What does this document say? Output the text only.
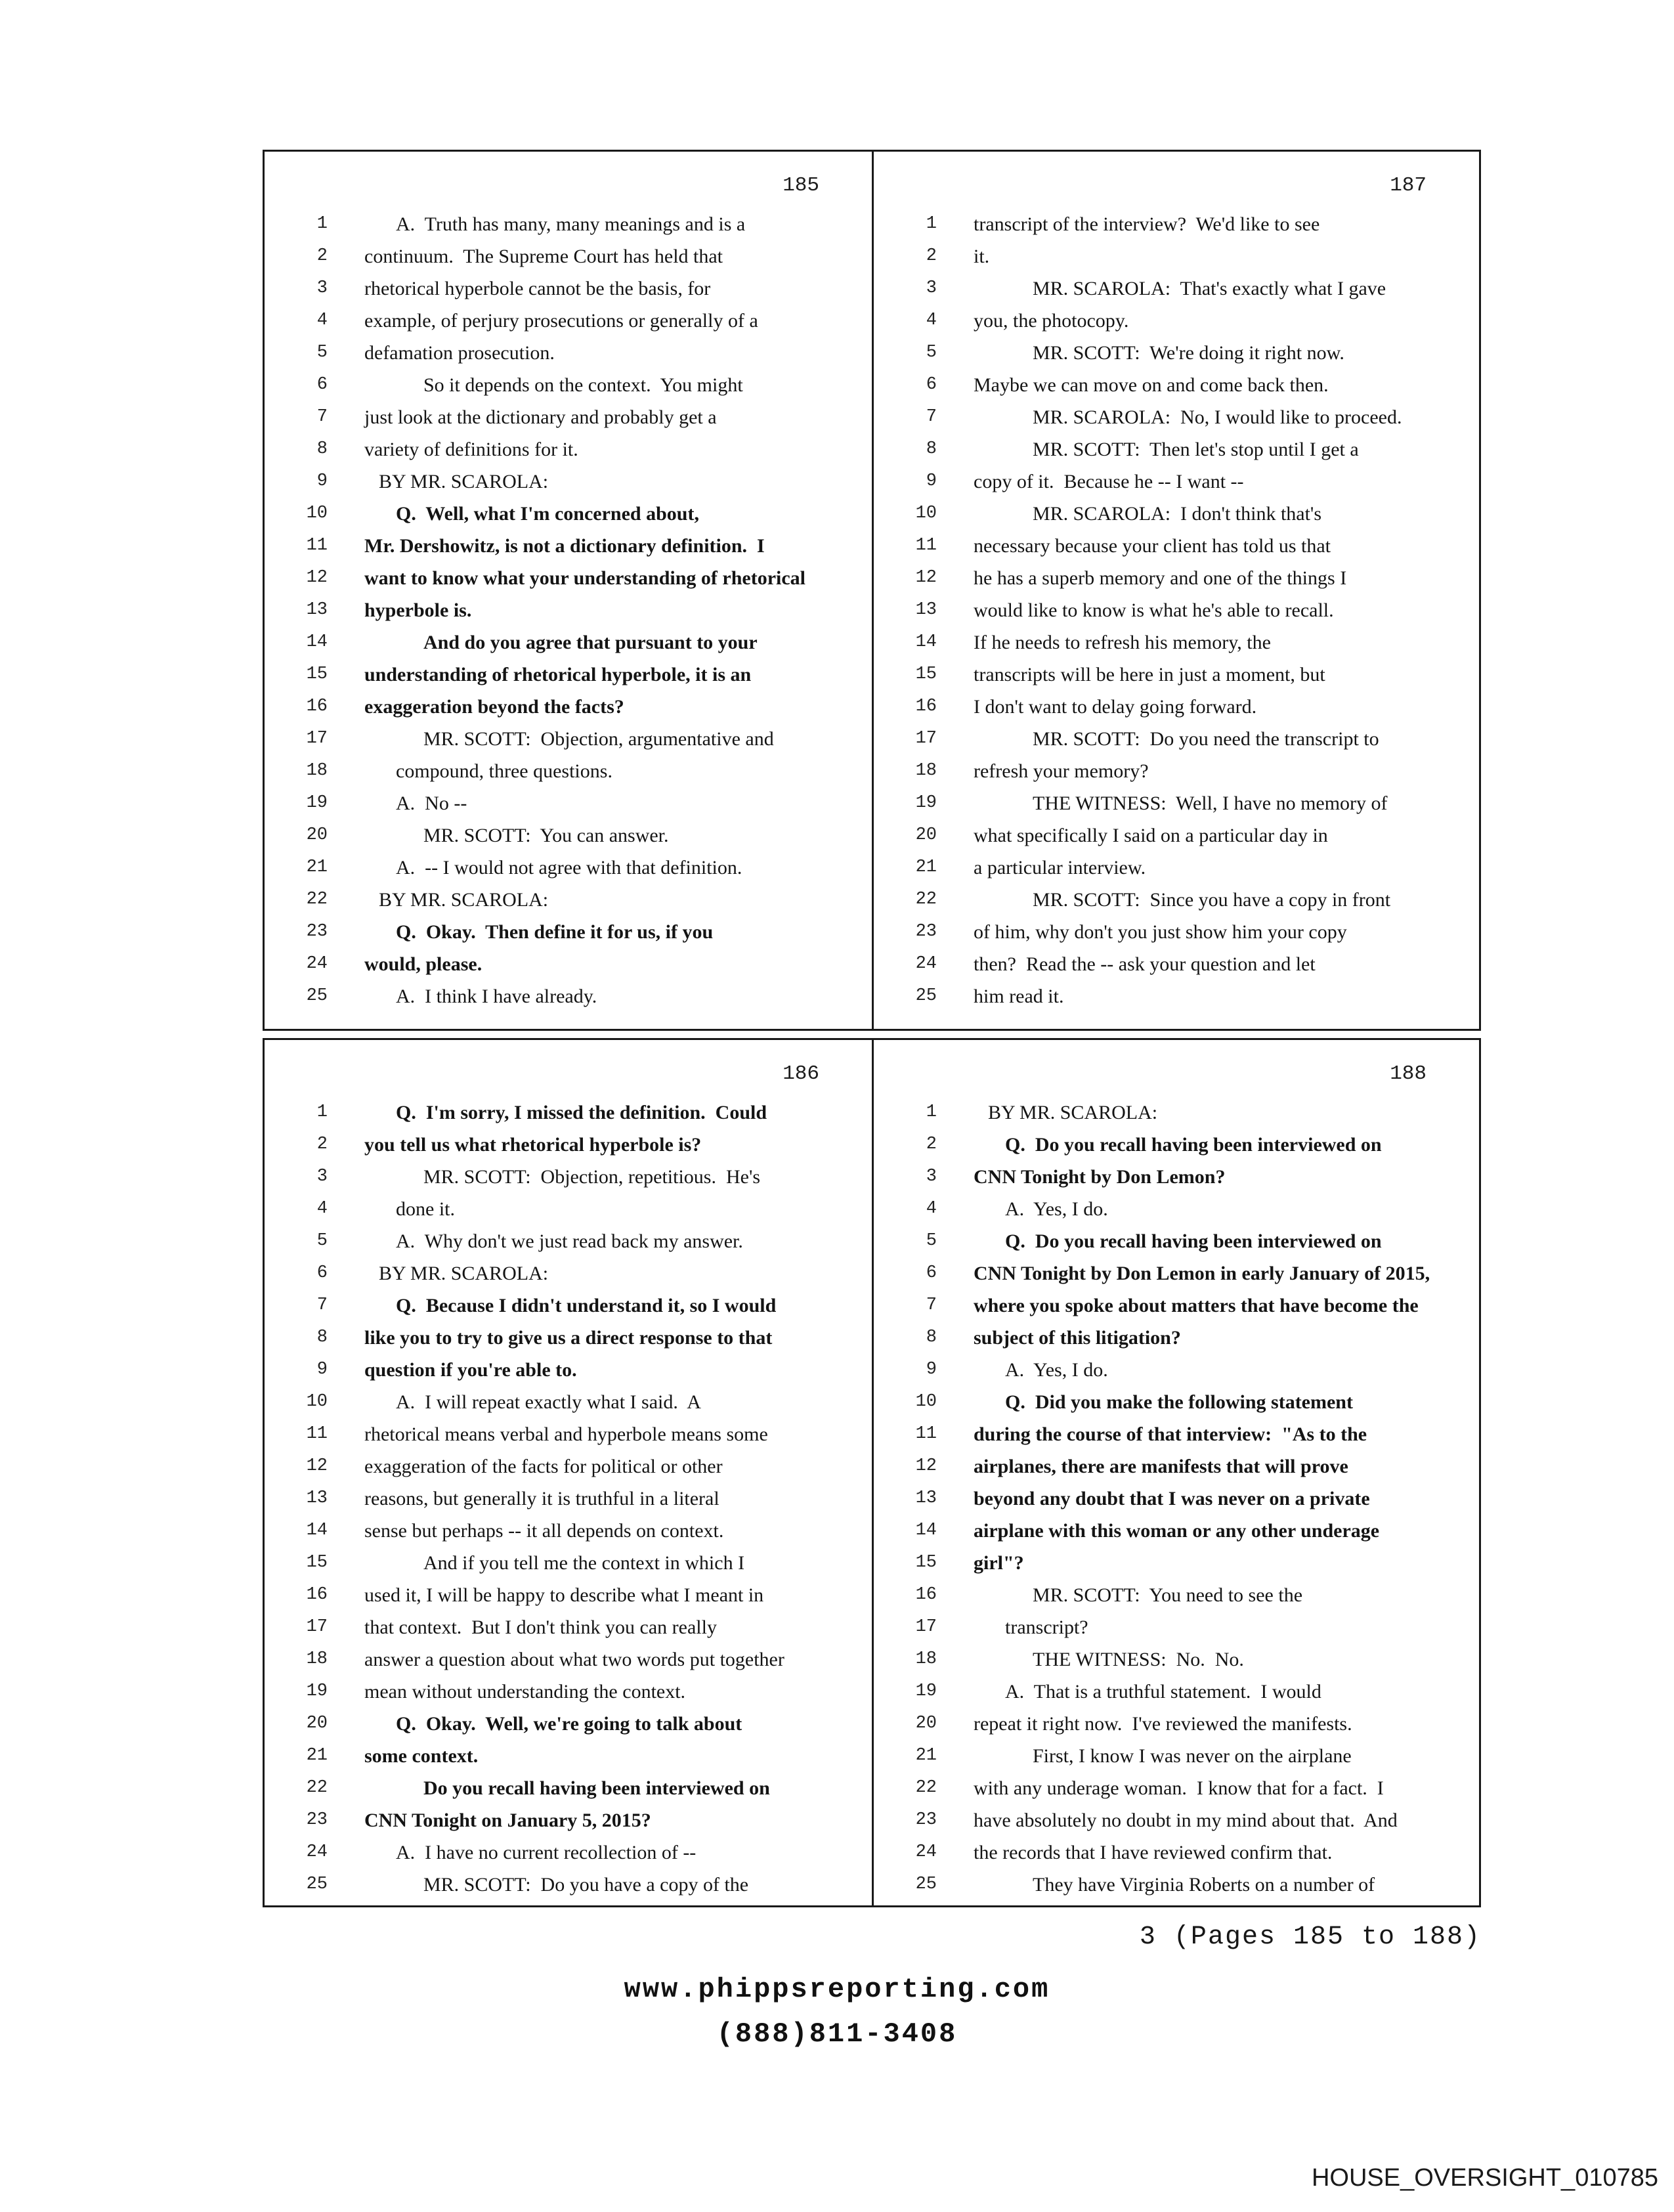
185
1	A.  Truth has many, many meanings and is a
2 continuum.  The Supreme Court has held that
3 rhetorical hyperbole cannot be the basis, for
4 example, of perjury prosecutions or generally of a
5 defamation prosecution.
6	So it depends on the context.  You might
7 just look at the dictionary and probably get a
8 variety of definitions for it.
9	BY MR. SCAROLA:
10	Q.  Well, what I'm concerned about,
11 Mr. Dershowitz, is not a dictionary definition.  I
12 want to know what your understanding of rhetorical
13 hyperbole is.
14	And do you agree that pursuant to your
15 understanding of rhetorical hyperbole, it is an
16 exaggeration beyond the facts?
17	MR. SCOTT:  Objection, argumentative and
18	compound, three questions.
19	A.  No --
20	MR. SCOTT:  You can answer.
21	A.  -- I would not agree with that definition.
22	BY MR. SCAROLA:
23	Q.  Okay.  Then define it for us, if you
24 would, please.
25	A.  I think I have already.
187
1 transcript of the interview?  We'd like to see
2 it.
3	MR. SCAROLA:  That's exactly what I gave
4 you, the photocopy.
5	MR. SCOTT:  We're doing it right now.
6 Maybe we can move on and come back then.
7	MR. SCAROLA:  No, I would like to proceed.
8	MR. SCOTT:  Then let's stop until I get a
9 copy of it.  Because he -- I want --
10	MR. SCAROLA:  I don't think that's
11 necessary because your client has told us that
12 he has a superb memory and one of the things I
13 would like to know is what he's able to recall.
14 If he needs to refresh his memory, the
15 transcripts will be here in just a moment, but
16 I don't want to delay going forward.
17	MR. SCOTT:  Do you need the transcript to
18 refresh your memory?
19	THE WITNESS:  Well, I have no memory of
20 what specifically I said on a particular day in
21 a particular interview.
22	MR. SCOTT:  Since you have a copy in front
23 of him, why don't you just show him your copy
24 then?  Read the -- ask your question and let
25 him read it.
186
1	Q.  I'm sorry, I missed the definition.  Could
2 you tell us what rhetorical hyperbole is?
3	MR. SCOTT:  Objection, repetitious.  He's
4	done it.
5	A.  Why don't we just read back my answer.
6	BY MR. SCAROLA:
7	Q.  Because I didn't understand it, so I would
8 like you to try to give us a direct response to that
9 question if you're able to.
10	A.  I will repeat exactly what I said.  A
11 rhetorical means verbal and hyperbole means some
12 exaggeration of the facts for political or other
13 reasons, but generally it is truthful in a literal
14 sense but perhaps -- it all depends on context.
15	And if you tell me the context in which I
16 used it, I will be happy to describe what I meant in
17 that context.  But I don't think you can really
18 answer a question about what two words put together
19 mean without understanding the context.
20	Q.  Okay.  Well, we're going to talk about
21 some context.
22	Do you recall having been interviewed on
23 CNN Tonight on January 5, 2015?
24	A.  I have no current recollection of --
25	MR. SCOTT:  Do you have a copy of the
188
1	BY MR. SCAROLA:
2	Q.  Do you recall having been interviewed on
3 CNN Tonight by Don Lemon?
4	A.  Yes, I do.
5	Q.  Do you recall having been interviewed on
6 CNN Tonight by Don Lemon in early January of 2015,
7 where you spoke about matters that have become the
8 subject of this litigation?
9	A.  Yes, I do.
10	Q.  Did you make the following statement
11 during the course of that interview:  "As to the
12 airplanes, there are manifests that will prove
13 beyond any doubt that I was never on a private
14 airplane with this woman or any other underage
15 girl"?
16	MR. SCOTT:  You need to see the
17	transcript?
18	THE WITNESS:  No.  No.
19	A.  That is a truthful statement.  I would
20 repeat it right now.  I've reviewed the manifests.
21	First, I know I was never on the airplane
22 with any underage woman.  I know that for a fact.  I
23 have absolutely no doubt in my mind about that.  And
24 the records that I have reviewed confirm that.
25	They have Virginia Roberts on a number of
3 (Pages 185 to 188)
www.phippsreporting.com
(888)811-3408
HOUSE_OVERSIGHT_010785
